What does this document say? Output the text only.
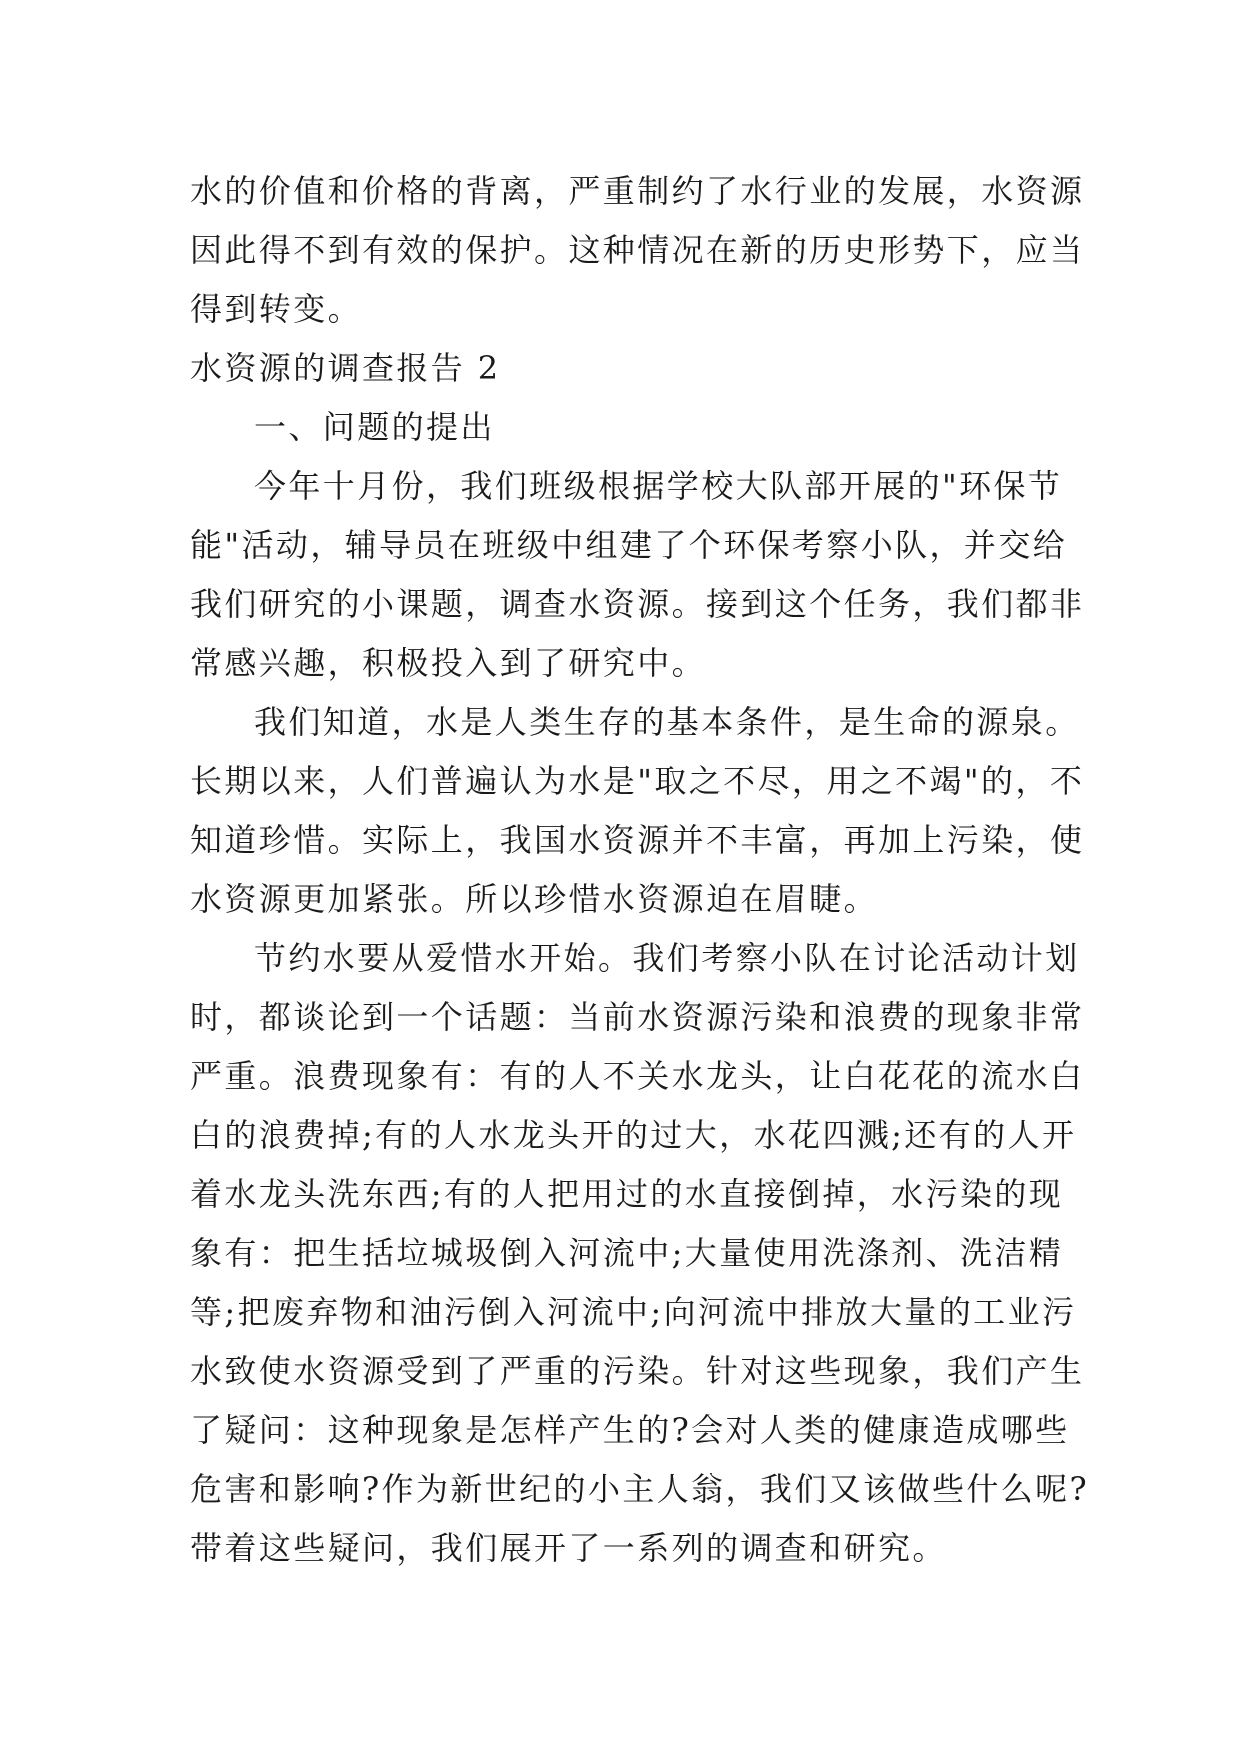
水的价值和价格的背离，严重制约了水行业的发展，水资源
因此得不到有效的保护。这种情况在新的历史形势下，应当
得到转变。
水资源的调查报告 2
一、问题的提出
今年十月份，我们班级根据学校大队部开展的"环保节
能"活动，辅导员在班级中组建了个环保考察小队，并交给
我们研究的小课题，调查水资源。接到这个任务，我们都非
常感兴趣，积极投入到了研究中。
我们知道，水是人类生存的基本条件，是生命的源泉。
长期以来，人们普遍认为水是"取之不尽，用之不竭"的，不
知道珍惜。实际上，我国水资源并不丰富，再加上污染，使
水资源更加紧张。所以珍惜水资源迫在眉睫。
节约水要从爱惜水开始。我们考察小队在讨论活动计划
时，都谈论到一个话题：当前水资源污染和浪费的现象非常
严重。浪费现象有：有的人不关水龙头，让白花花的流水白
白的浪费掉;有的人水龙头开的过大，水花四溅;还有的人开
着水龙头洗东西;有的人把用过的水直接倒掉，水污染的现
象有：把生括垃城圾倒入河流中;大量使用洗涤剂、洗洁精
等;把废弃物和油污倒入河流中;向河流中排放大量的工业污
水致使水资源受到了严重的污染。针对这些现象，我们产生
了疑问：这种现象是怎样产生的?会对人类的健康造成哪些
危害和影响?作为新世纪的小主人翁，我们又该做些什么呢?
带着这些疑问，我们展开了一系列的调查和研究。
